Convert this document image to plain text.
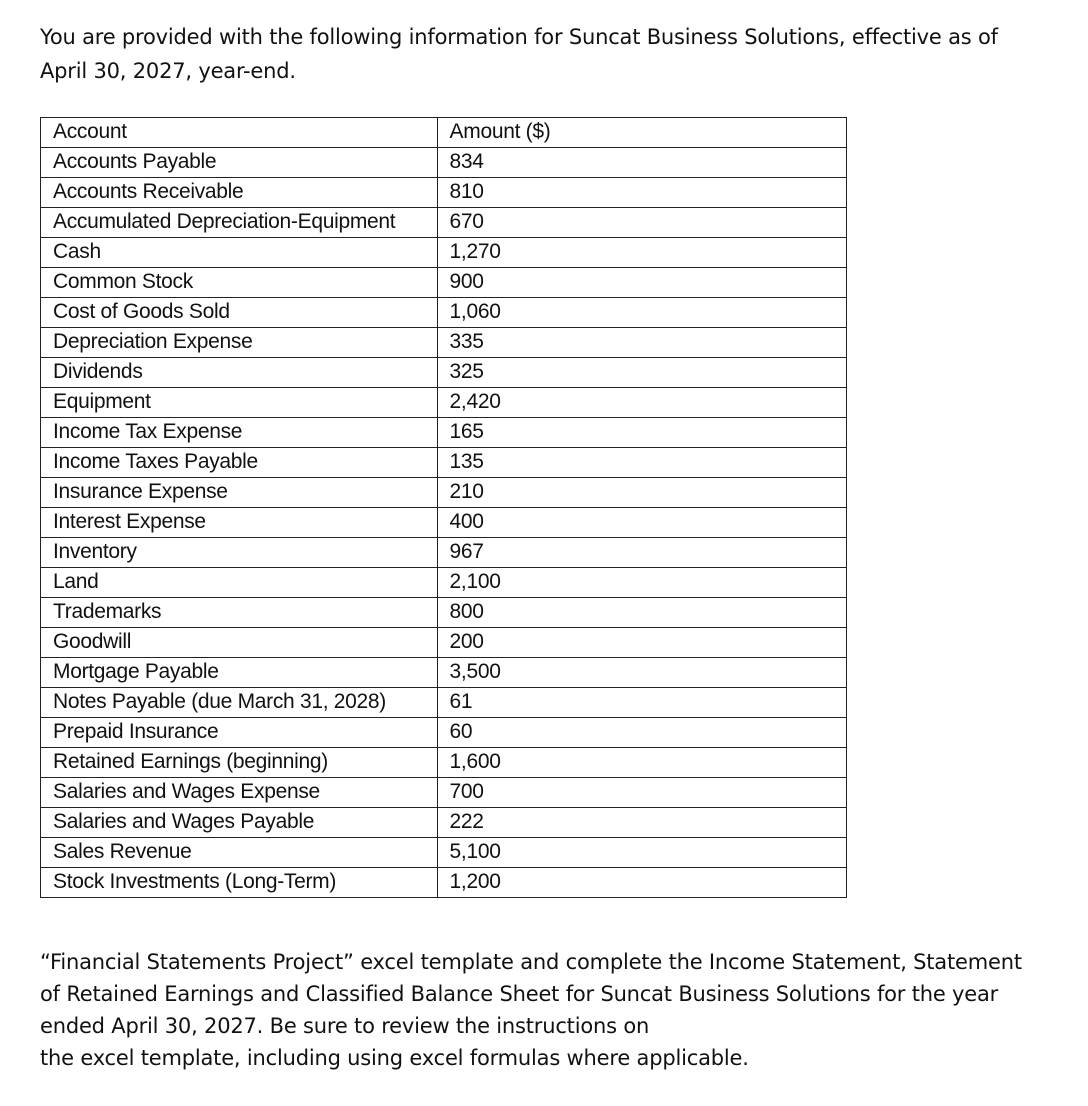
You are provided with the following information for Suncat Business Solutions, effective as of
April 30, 2027, year-end.

Account	Amount ($)
Accounts Payable	834
Accounts Receivable	810
Accumulated Depreciation-Equipment	670
Cash	1,270
Common Stock	900
Cost of Goods Sold	1,060
Depreciation Expense	335
Dividends	325
Equipment	2,420
Income Tax Expense	165
Income Taxes Payable	135
Insurance Expense	210
Interest Expense	400
Inventory	967
Land	2,100
Trademarks	800
Goodwill	200
Mortgage Payable	3,500
Notes Payable (due March 31, 2028)	61
Prepaid Insurance	60
Retained Earnings (beginning)	1,600
Salaries and Wages Expense	700
Salaries and Wages Payable	222
Sales Revenue	5,100
Stock Investments (Long-Term)	1,200

“Financial Statements Project” excel template and complete the Income Statement, Statement
of Retained Earnings and Classified Balance Sheet for Suncat Business Solutions for the year
ended April 30, 2027. Be sure to review the instructions on
the excel template, including using excel formulas where applicable.
